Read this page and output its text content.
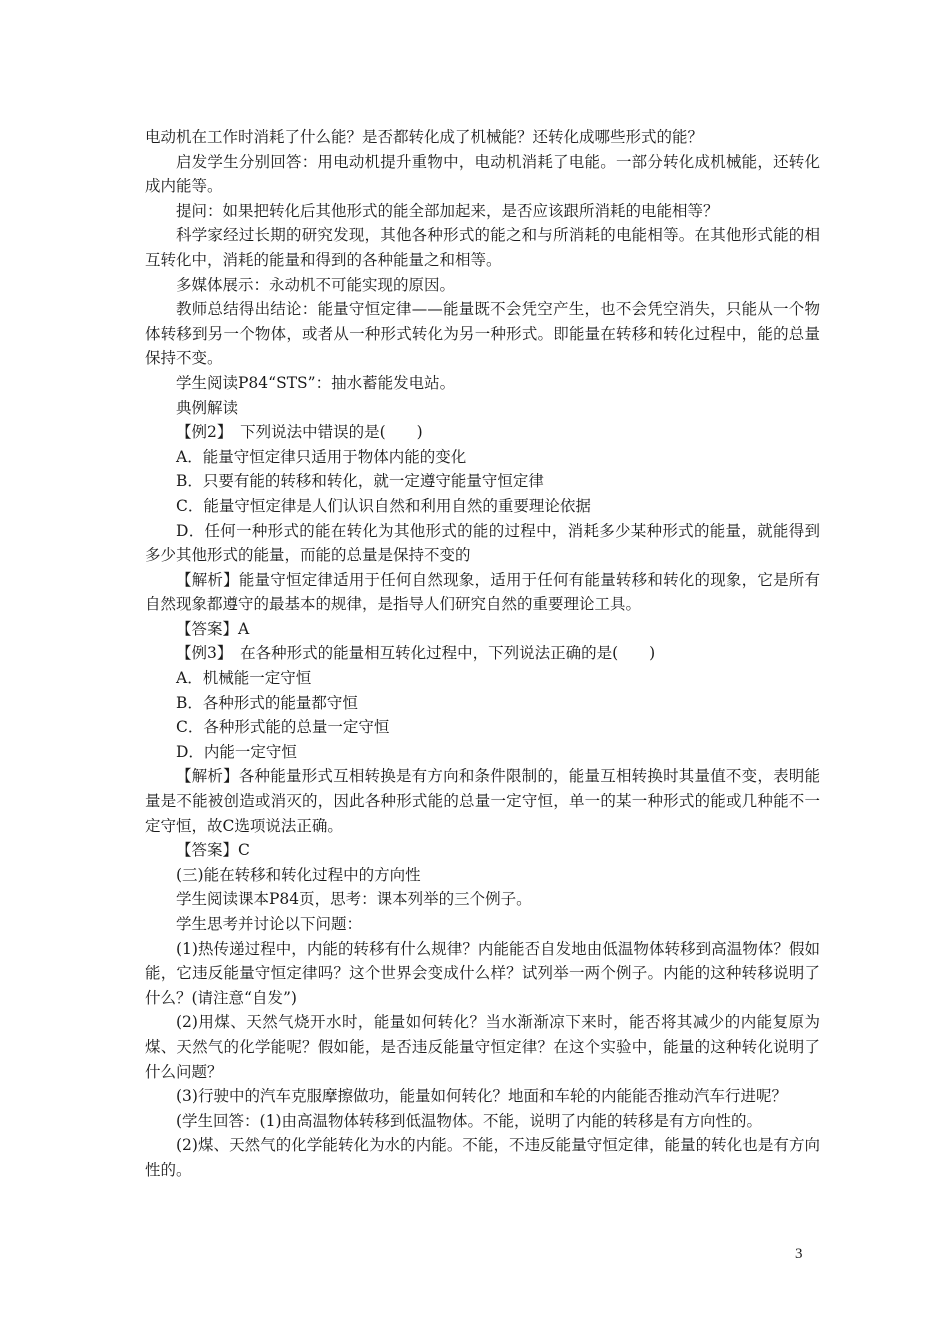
电动机在工作时消耗了什么能？是否都转化成了机械能？还转化成哪些形式的能？

启发学生分别回答：用电动机提升重物中，电动机消耗了电能。一部分转化成机械能，还转化成内能等。

提问：如果把转化后其他形式的能全部加起来，是否应该跟所消耗的电能相等？

科学家经过长期的研究发现，其他各种形式的能之和与所消耗的电能相等。在其他形式能的相互转化中，消耗的能量和得到的各种能量之和相等。

多媒体展示：永动机不可能实现的原因。

教师总结得出结论：能量守恒定律——能量既不会凭空产生，也不会凭空消失，只能从一个物体转移到另一个物体，或者从一种形式转化为另一种形式。即能量在转移和转化过程中，能的总量保持不变。

学生阅读P84“STS”：抽水蓄能发电站。

典例解读

【例2】　下列说法中错误的是(　　)

A．能量守恒定律只适用于物体内能的变化

B．只要有能的转移和转化，就一定遵守能量守恒定律

C．能量守恒定律是人们认识自然和利用自然的重要理论依据

D．任何一种形式的能在转化为其他形式的能的过程中，消耗多少某种形式的能量，就能得到多少其他形式的能量，而能的总量是保持不变的

【解析】能量守恒定律适用于任何自然现象，适用于任何有能量转移和转化的现象，它是所有自然现象都遵守的最基本的规律，是指导人们研究自然的重要理论工具。

【答案】A

【例3】　在各种形式的能量相互转化过程中，下列说法正确的是(　　)

A．机械能一定守恒

B．各种形式的能量都守恒

C．各种形式能的总量一定守恒

D．内能一定守恒

【解析】各种能量形式互相转换是有方向和条件限制的，能量互相转换时其量值不变，表明能量是不能被创造或消灭的，因此各种形式能的总量一定守恒，单一的某一种形式的能或几种能不一定守恒，故C选项说法正确。

【答案】C

(三)能在转移和转化过程中的方向性

学生阅读课本P84页，思考：课本列举的三个例子。

学生思考并讨论以下问题：

(1)热传递过程中，内能的转移有什么规律？内能能否自发地由低温物体转移到高温物体？假如能，它违反能量守恒定律吗？这个世界会变成什么样？试列举一两个例子。内能的这种转移说明了什么？(请注意“自发”)

(2)用煤、天然气烧开水时，能量如何转化？当水渐渐凉下来时，能否将其减少的内能复原为煤、天然气的化学能呢？假如能，是否违反能量守恒定律？在这个实验中，能量的这种转化说明了什么问题？

(3)行驶中的汽车克服摩擦做功，能量如何转化？地面和车轮的内能能否推动汽车行进呢？

(学生回答：(1)由高温物体转移到低温物体。不能，说明了内能的转移是有方向性的。

(2)煤、天然气的化学能转化为水的内能。不能，不违反能量守恒定律，能量的转化也是有方向性的。

3
